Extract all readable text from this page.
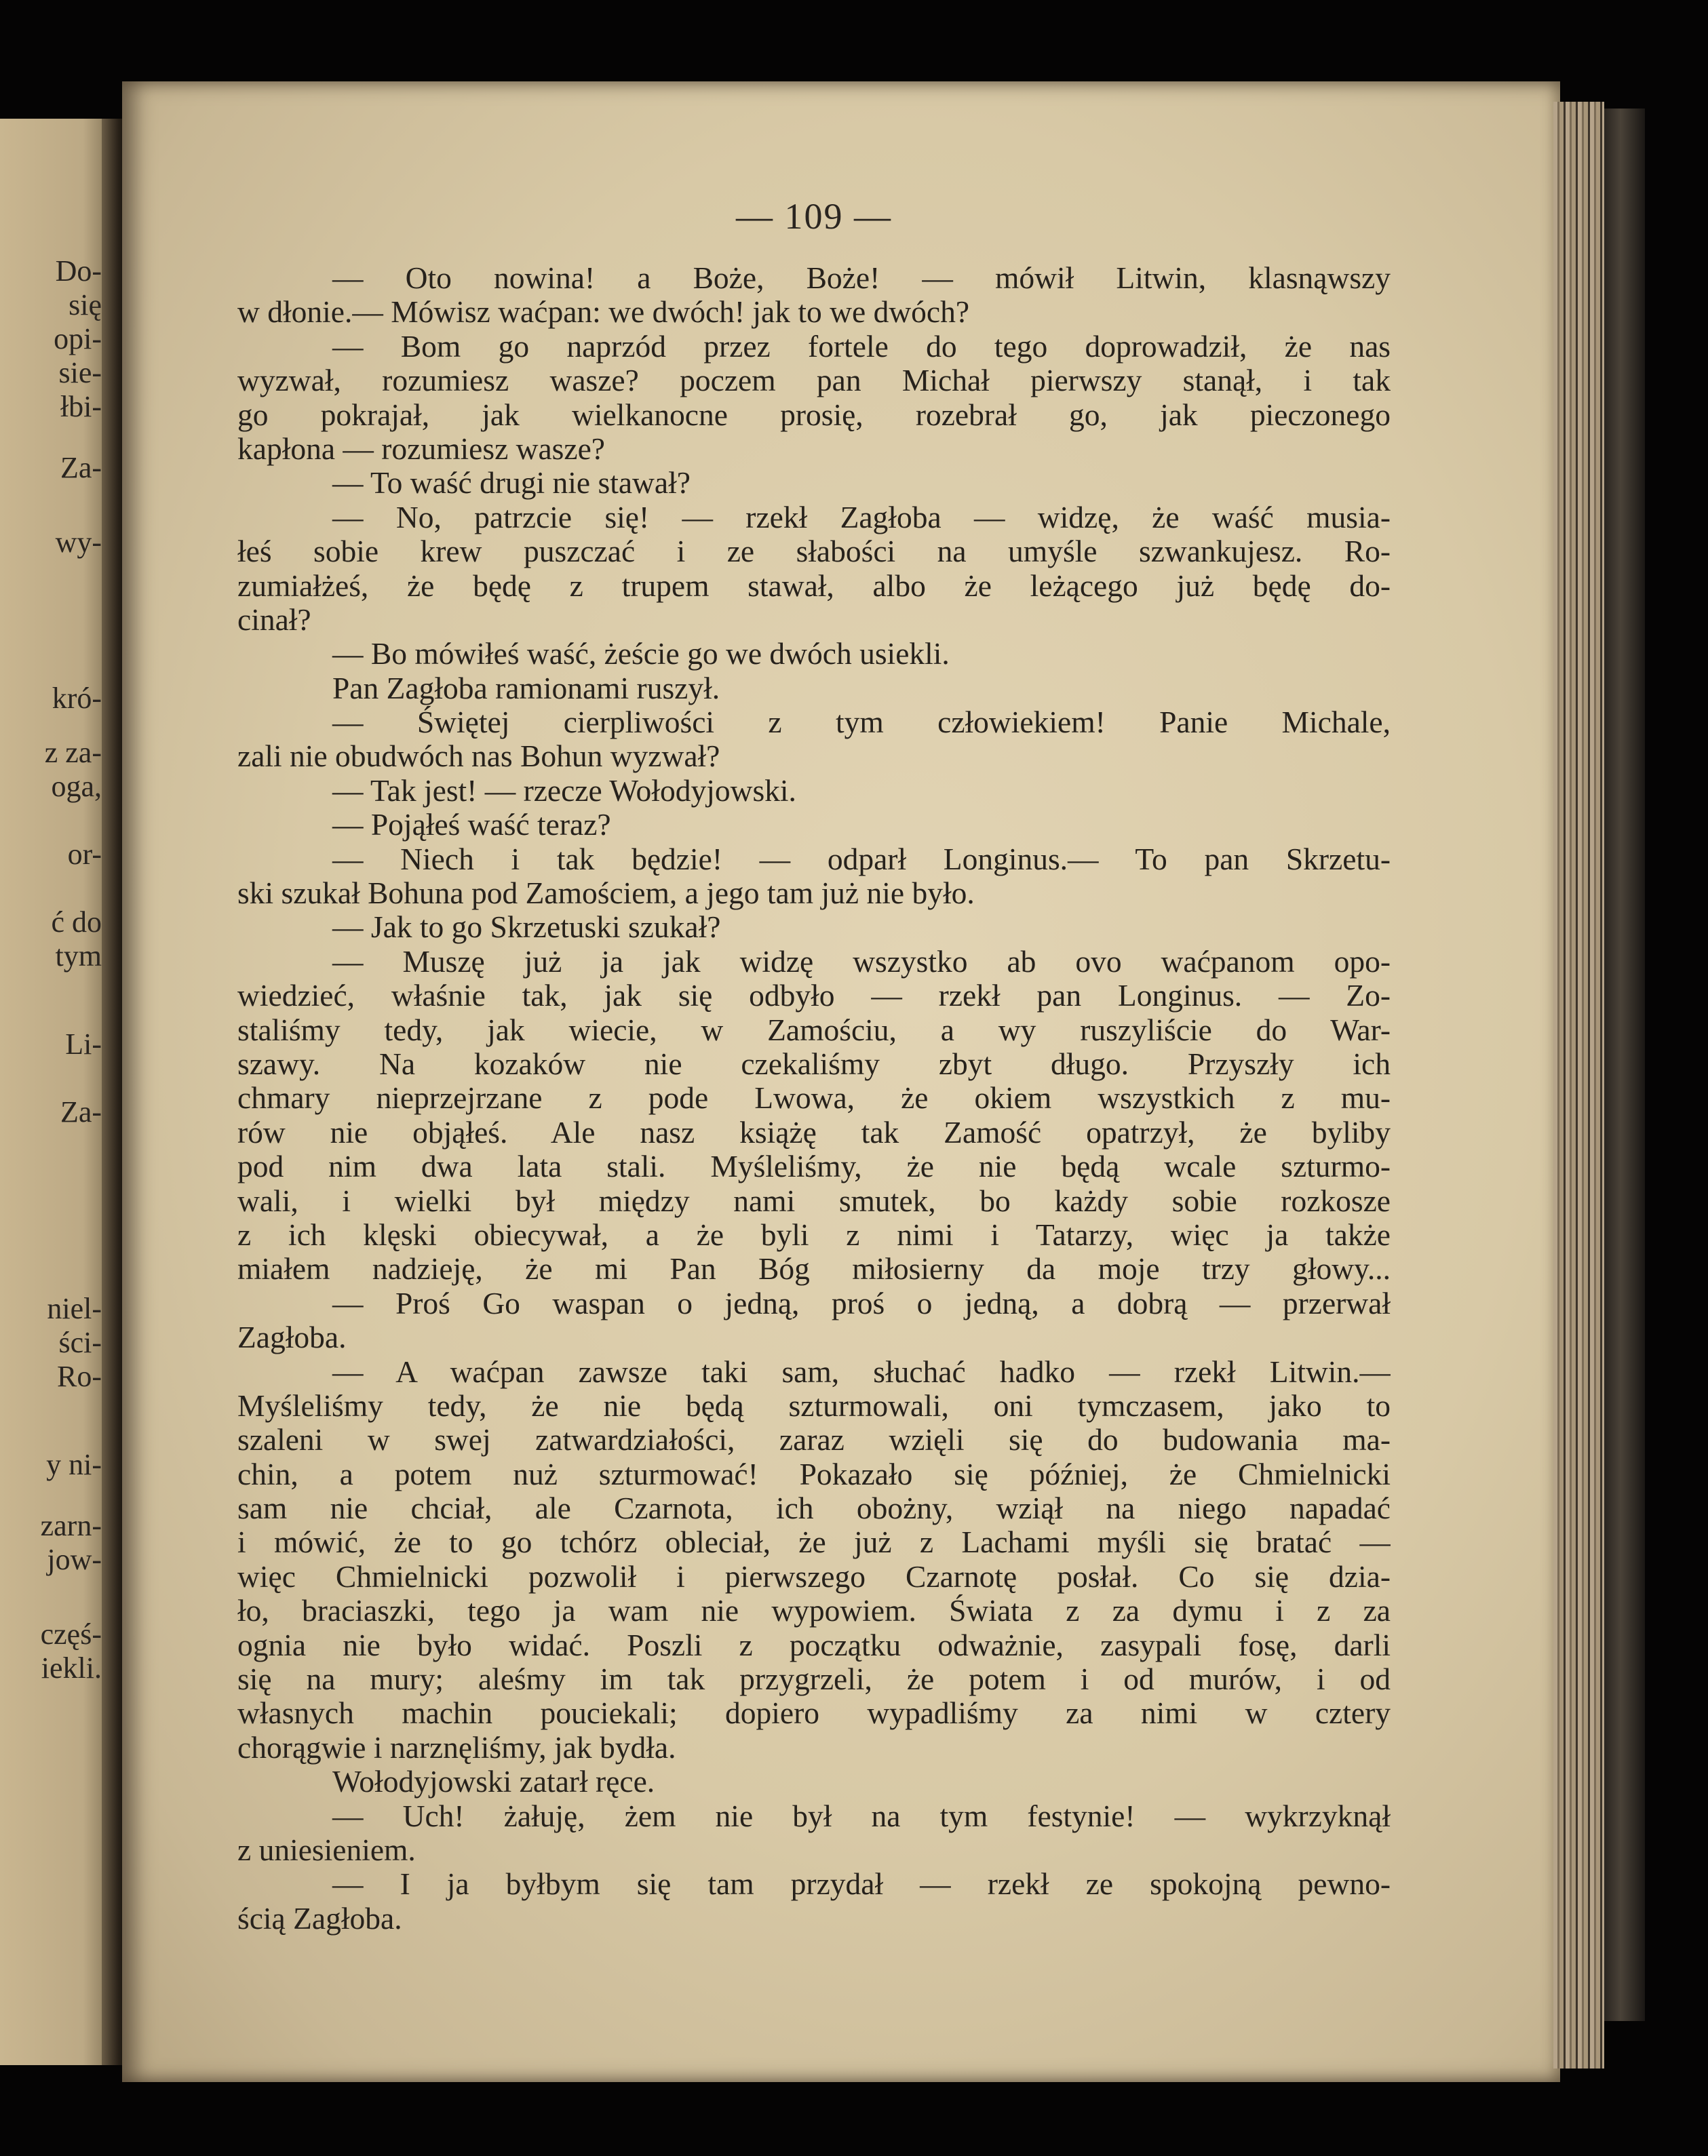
Do-
się
opi-
sie-
łbi-
Za-
wy-
kró-
z za-
oga,
or-
ć do
tym
Li-
Za-
niel-
ści-
Ro-
y ni-
zarn-
jow-
częś-
iekli.
— 109 —
— Oto nowina! a Boże, Boże! — mówił Litwin, klasnąwszy
w dłonie.— Mówisz waćpan: we dwóch! jak to we dwóch?
— Bom go naprzód przez fortele do tego doprowadził, że nas
wyzwał, rozumiesz wasze? poczem pan Michał pierwszy stanął, i tak
go pokrajał, jak wielkanocne prosię, rozebrał go, jak pieczonego
kapłona — rozumiesz wasze?
— To waść drugi nie stawał?
— No, patrzcie się! — rzekł Zagłoba — widzę, że waść musia-
łeś sobie krew puszczać i ze słabości na umyśle szwankujesz. Ro-
zumiałżeś, że będę z trupem stawał, albo że leżącego już będę do-
cinał?
— Bo mówiłeś waść, żeście go we dwóch usiekli.
Pan Zagłoba ramionami ruszył.
— Świętej cierpliwości z tym człowiekiem! Panie Michale,
zali nie obudwóch nas Bohun wyzwał?
— Tak jest! — rzecze Wołodyjowski.
— Pojąłeś waść teraz?
— Niech i tak będzie! — odparł Longinus.— To pan Skrzetu-
ski szukał Bohuna pod Zamościem, a jego tam już nie było.
— Jak to go Skrzetuski szukał?
— Muszę już ja jak widzę wszystko ab ovo waćpanom opo-
wiedzieć, właśnie tak, jak się odbyło — rzekł pan Longinus. — Zo-
staliśmy tedy, jak wiecie, w Zamościu, a wy ruszyliście do War-
szawy. Na kozaków nie czekaliśmy zbyt długo. Przyszły ich
chmary nieprzejrzane z pode Lwowa, że okiem wszystkich z mu-
rów nie objąłeś. Ale nasz książę tak Zamość opatrzył, że byliby
pod nim dwa lata stali. Myśleliśmy, że nie będą wcale szturmo-
wali, i wielki był między nami smutek, bo każdy sobie rozkosze
z ich klęski obiecywał, a że byli z nimi i Tatarzy, więc ja także
miałem nadzieję, że mi Pan Bóg miłosierny da moje trzy głowy...
— Proś Go waspan o jedną, proś o jedną, a dobrą — przerwał
Zagłoba.
— A waćpan zawsze taki sam, słuchać hadko — rzekł Litwin.—
Myśleliśmy tedy, że nie będą szturmowali, oni tymczasem, jako to
szaleni w swej zatwardziałości, zaraz wzięli się do budowania ma-
chin, a potem nuż szturmować! Pokazało się później, że Chmielnicki
sam nie chciał, ale Czarnota, ich obożny, wziął na niego napadać
i mówić, że to go tchórz obleciał, że już z Lachami myśli się bratać —
więc Chmielnicki pozwolił i pierwszego Czarnotę posłał. Co się dzia-
ło, braciaszki, tego ja wam nie wypowiem. Świata z za dymu i z za
ognia nie było widać. Poszli z początku odważnie, zasypali fosę, darli
się na mury; aleśmy im tak przygrzeli, że potem i od murów, i od
własnych machin pouciekali; dopiero wypadliśmy za nimi w cztery
chorągwie i narznęliśmy, jak bydła.
Wołodyjowski zatarł ręce.
— Uch! żałuję, żem nie był na tym festynie! — wykrzyknął
z uniesieniem.
— I ja byłbym się tam przydał — rzekł ze spokojną pewno-
ścią Zagłoba.
